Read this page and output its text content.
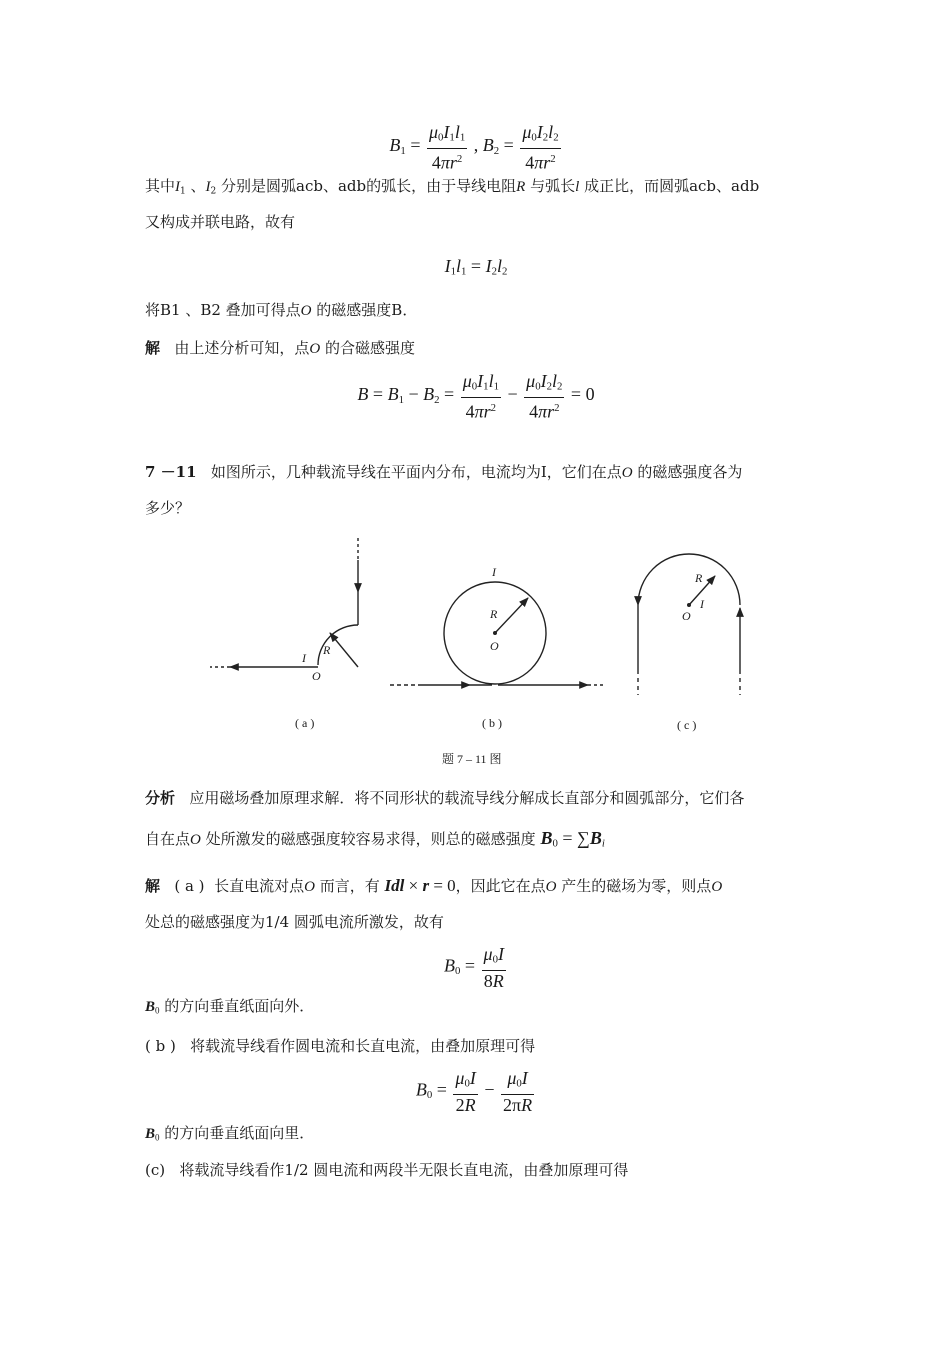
$B_1 = \frac{\mu_0I_1l_1}{4\pi r^2}$ , $B_2 = \frac{\mu_0I_2l_2}{4\pi r^2}$
其中$I_1$ 、$I_2$ 分别是圆弧acb、adb的弧长，由于导线电阻R 与弧长l 成正比，而圆弧acb、adb
又构成并联电路，故有
$I_1l_1 = I_2l_2$
将B1 、B2 叠加可得点O 的磁感强度B．
解 由上述分析可知，点O 的合磁感强度
$B = B_1 - B_2 = \frac{\mu_0I_1l_1}{4\pi r^2} - \frac{\mu_0I_2l_2}{4\pi r^2} = 0$
7 －11 如图所示，几种载流导线在平面内分布，电流均为I，它们在点O 的磁感强度各为
多少？
I
R
O
I
R
O
R
I
O
( a )	( b )	( c )
题 7 – 11 图
分析 应用磁场叠加原理求解．将不同形状的载流导线分解成长直部分和圆弧部分，它们各
自在点O 处所激发的磁感强度较容易求得，则总的磁感强度 $B_0 = \sum B_i$
解 ( a ) 长直电流对点O 而言，有 Idl × r = 0，因此它在点O 产生的磁场为零，则点O
处总的磁感强度为1/4 圆弧电流所激发，故有
$B_0 = \frac{\mu_0I}{8R}$
$B_0$ 的方向垂直纸面向外．
( b ) 将载流导线看作圆电流和长直电流，由叠加原理可得
$B_0 = \frac{\mu_0I}{2R} - \frac{\mu_0I}{2\pi R}$
$B_0$ 的方向垂直纸面向里．
(c) 将载流导线看作1/2 圆电流和两段半无限长直电流，由叠加原理可得
